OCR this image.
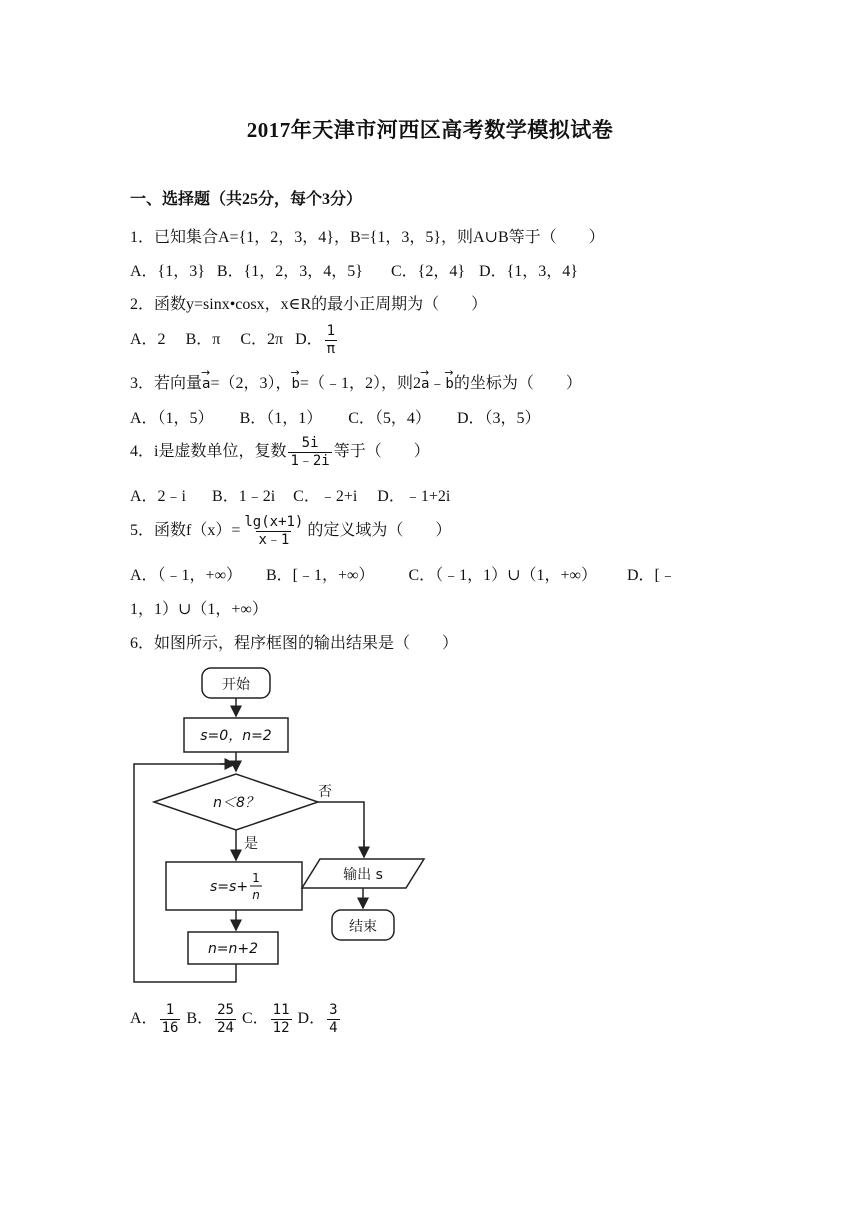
2017年天津市河西区高考数学模拟试卷
一、选择题（共25分，每个3分）
1．已知集合A={1，2，3，4}，B={1，3，5}，则A∪B等于（　　）
A．{1，3} B．{1，2，3，4，5} C．{2，4} D．{1，3，4}
2．函数y=sinx•cosx，x∈R的最小正周期为（　　）
A．2 B．π C．2π D． $\frac{1}{\pi}$
3．若向量→ a=（2，3），→ b=（﹣1，2），则2→ a﹣→ b的坐标为（　　）
A．（1，5） B．（1，1） C．（5，4） D．（3，5）
4．i是虚数单位，复数 $\frac{5i}{1﹣2i}$ 等于（　　）
A．2﹣i B．1﹣2i C．﹣2+i D．﹣1+2i
5．函数$f(x)= \frac{\lg(x+1)}{x﹣1}$ 的定义域为（　　）
A．（﹣1，+∞） B．[﹣1，+∞） C．（﹣1，1）∪（1，+∞） D．[﹣
1，1）∪（1，+∞）
6．如图所示，程序框图的输出结果是（　　）
开始
s=0，n=2
n＜8？
否
是
s=s+
1
n
n=n+2
输出 s
结束
A． $\frac{1}{16}$ B． $\frac{25}{24}$ C． $\frac{11}{12}$ D． $\frac{3}{4}$
